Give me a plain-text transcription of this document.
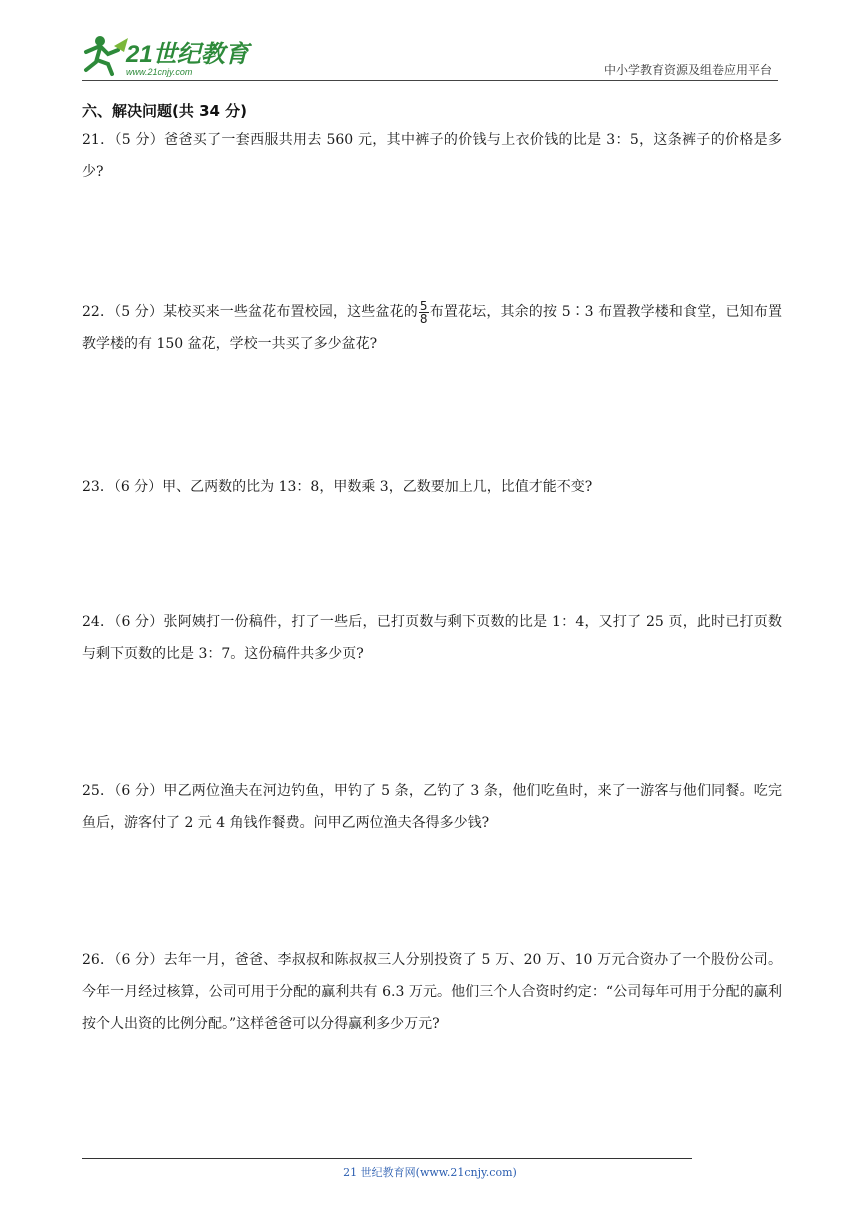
21世纪教育
www.21cnjy.com	中小学教育资源及组卷应用平台
六、解决问题(共 34 分)
21．（5 分）爸爸买了一套西服共用去 560 元，其中裤子的价钱与上衣价钱的比是 3：5，这条裤子的价格是多少?
22．（5 分）某校买来一些盆花布置校园，这些盆花的 $\frac{5}{8}$ 布置花坛，其余的按 5∶3 布置教学楼和食堂，已知布置教学楼的有 150 盆花，学校一共买了多少盆花?
23．（6 分）甲、乙两数的比为 13：8，甲数乘 3，乙数要加上几，比值才能不变?
24．（6 分）张阿姨打一份稿件，打了一些后，已打页数与剩下页数的比是 1：4，又打了 25 页，此时已打页数与剩下页数的比是 3：7。这份稿件共多少页?
25．（6 分）甲乙两位渔夫在河边钓鱼，甲钓了 5 条，乙钓了 3 条，他们吃鱼时，来了一游客与他们同餐。吃完鱼后，游客付了 2 元 4 角钱作餐费。问甲乙两位渔夫各得多少钱?
26．（6 分）去年一月，爸爸、李叔叔和陈叔叔三人分别投资了 5 万、20 万、10 万元合资办了一个股份公司。今年一月经过核算，公司可用于分配的赢利共有 6.3 万元。他们三个人合资时约定：“公司每年可用于分配的赢利按个人出资的比例分配。”这样爸爸可以分得赢利多少万元?
21 世纪教育网(www.21cnjy.com)
